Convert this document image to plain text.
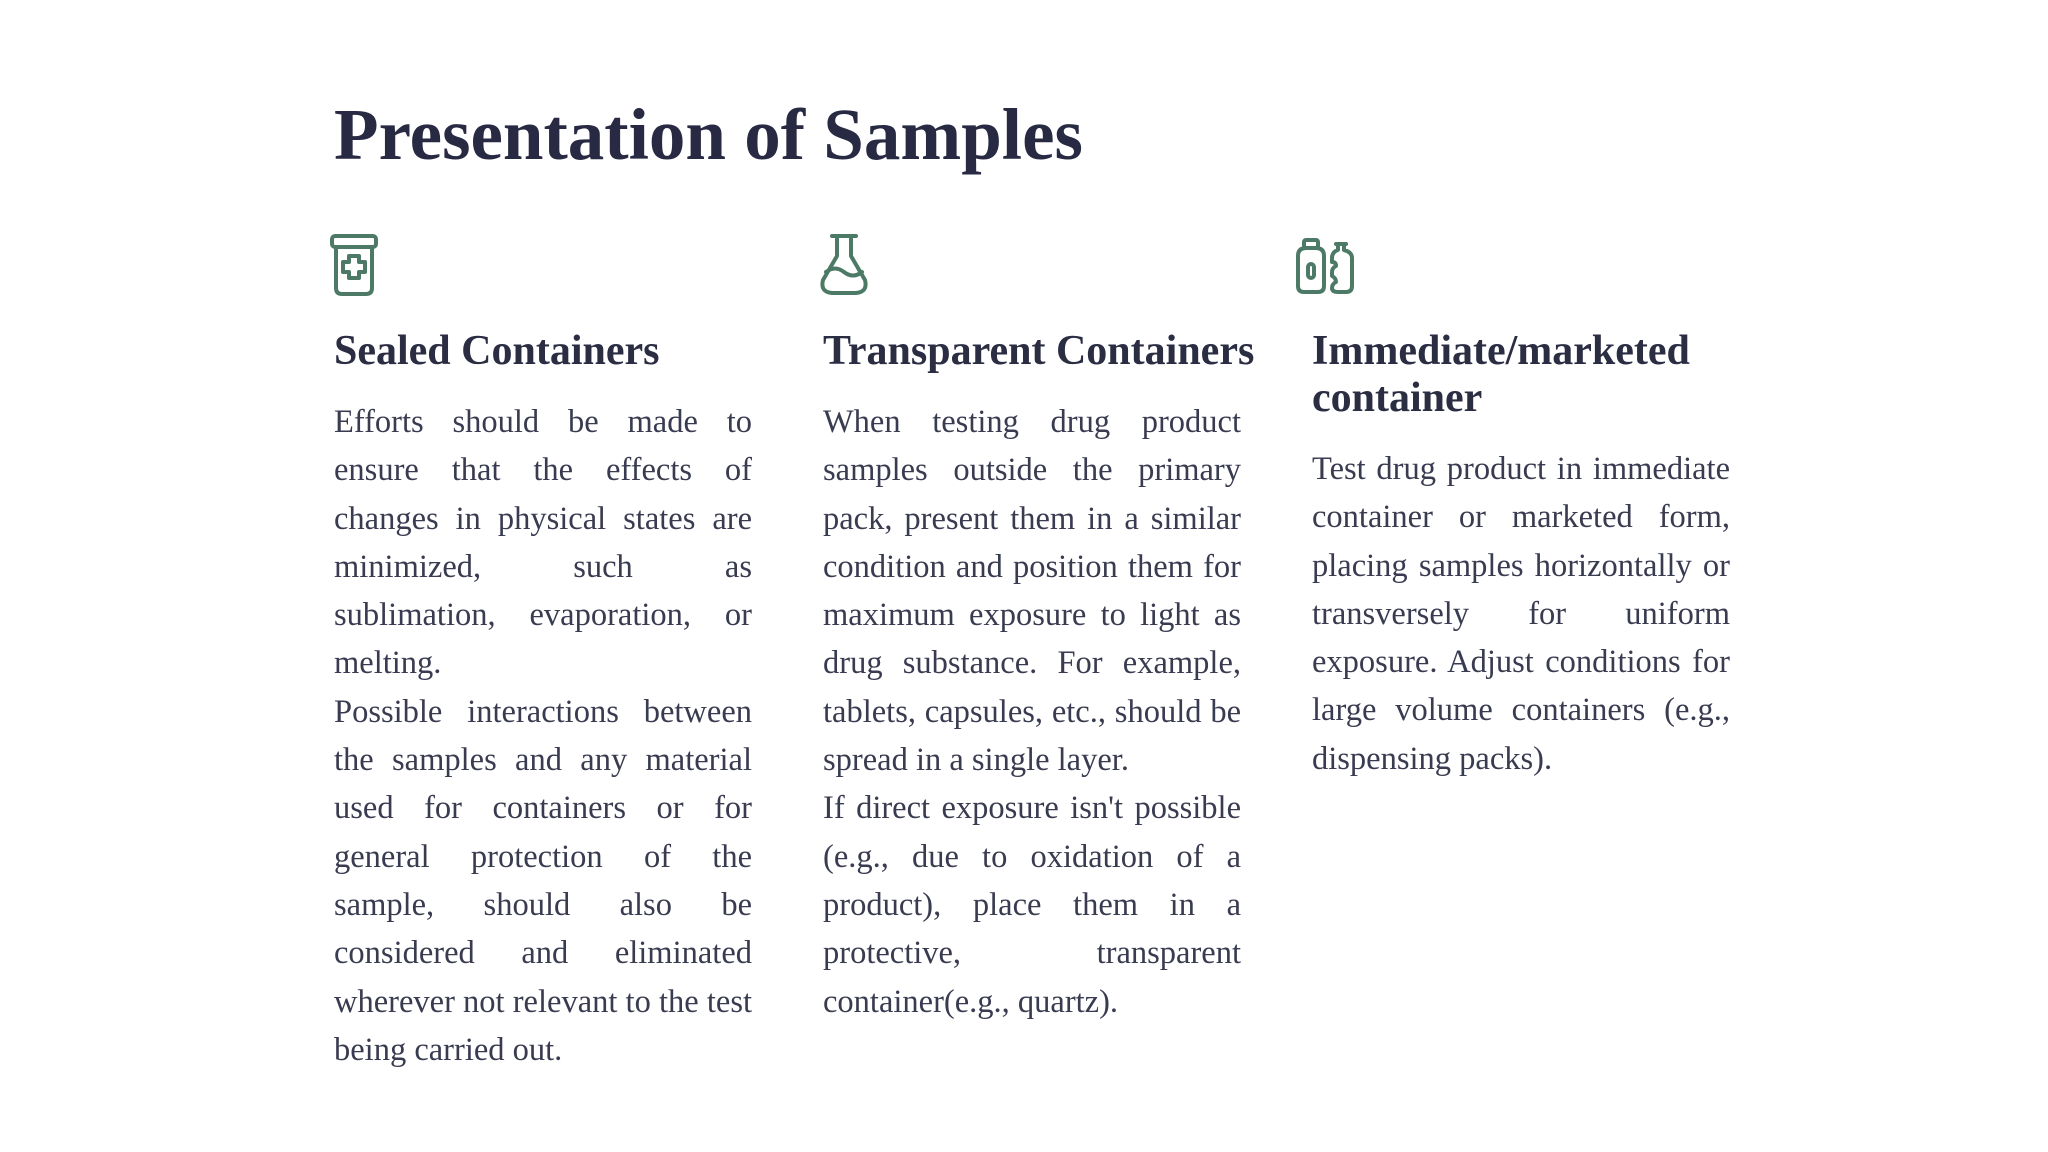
Presentation of Samples
Sealed Containers

Efforts should be made to ensure that the effects of changes in physical states are minimized, such as sublimation, evaporation, or melting.

Possible interactions between the samples and any material used for containers or for general protection of the sample, should also be considered and eliminated wherever not relevant to the test being carried out.

Transparent Containers

When testing drug product samples outside the primary pack, present them in a similar condition and position them for maximum exposure to light as drug substance. For example, tablets, capsules, etc., should be spread in a single layer.

If direct exposure isn't possible (e.g., due to oxidation of a product), place them in a protective, transparent container(e.g., quartz).

Immediate/marketed container

Test drug product in immediate container or marketed form, placing samples horizontally or transversely for uniform exposure. Adjust conditions for large volume containers (e.g., dispensing packs).
